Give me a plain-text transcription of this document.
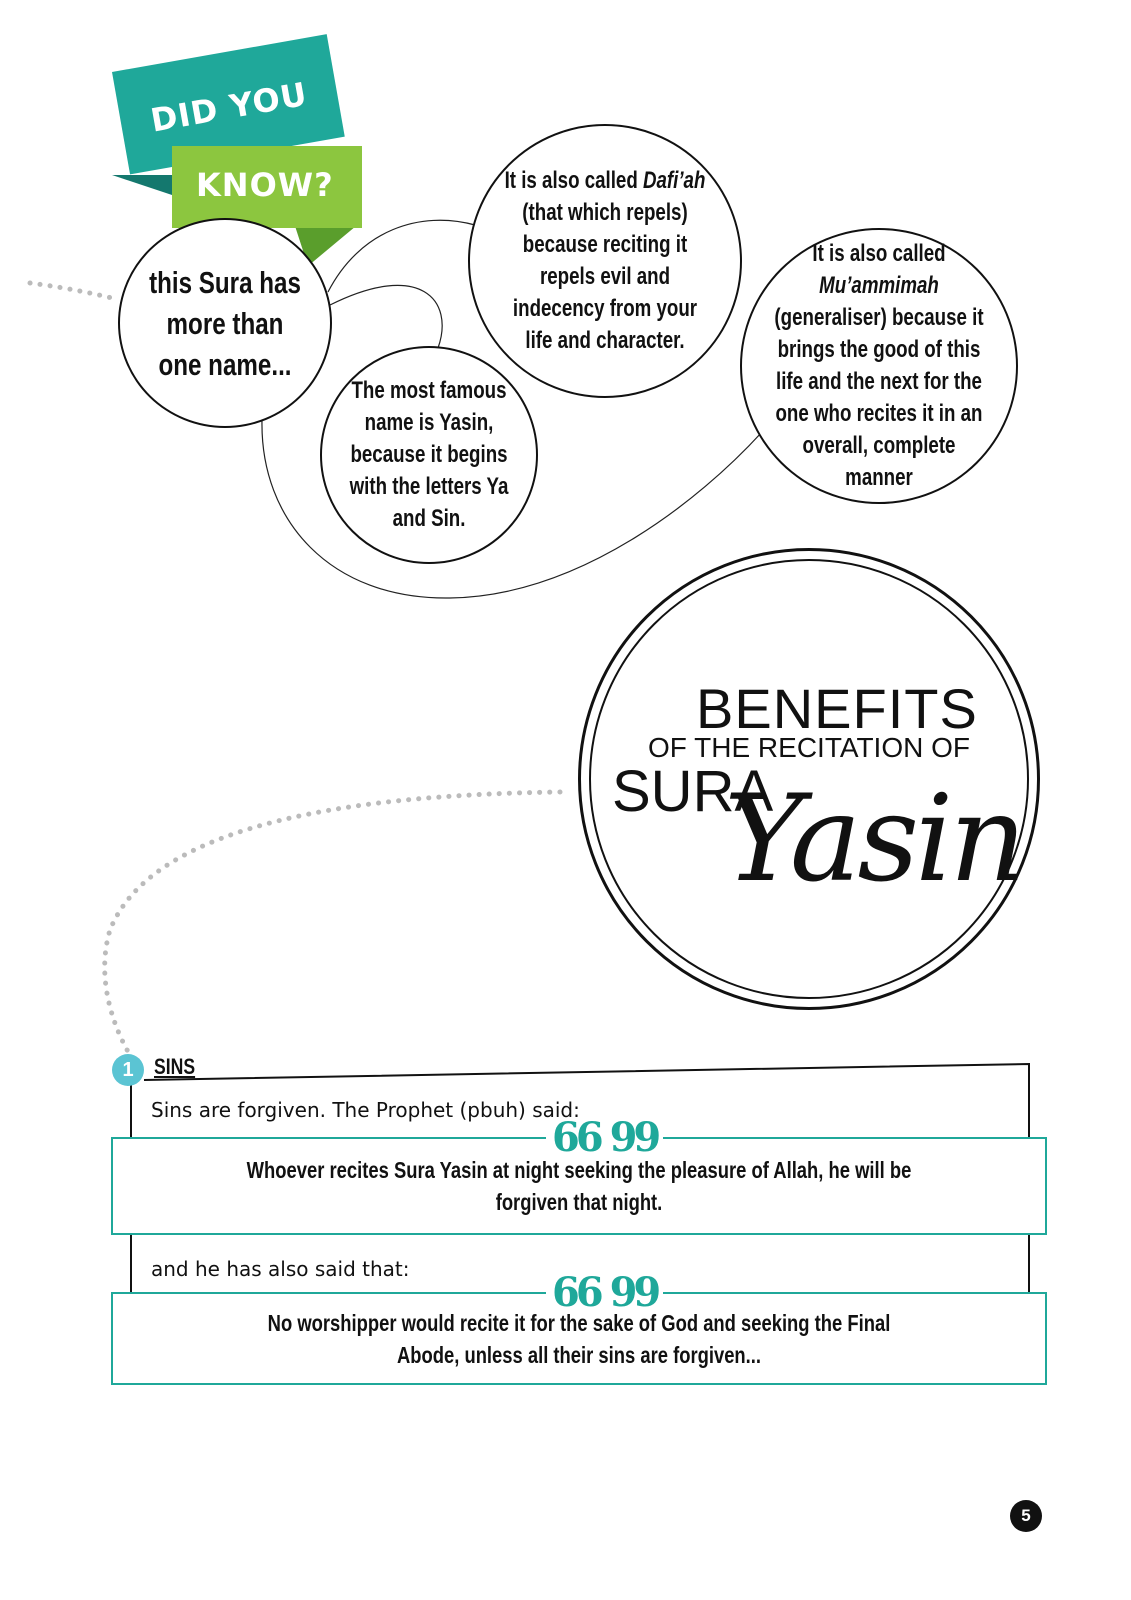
DID YOU
KNOW?
this Sura has more than one name...
The most famous name is Yasin, because it begins with the letters Ya and Sin.
It is also called Dafi’ah (that which repels) because reciting it repels evil and indecency from your life and character.
It is also called Mu’ammimah (generaliser) because it brings the good of this life and the next for the one who recites it in an overall, complete manner
BENEFITS
OF THE RECITATION OF
SURA
Yasin
1 SINS
Sins are forgiven. The Prophet (pbuh) said:
Whoever recites Sura Yasin at night seeking the pleasure of Allah, he will be forgiven that night.
66 99
and he has also said that:
No worshipper would recite it for the sake of God and seeking the Final Abode, unless all their sins are forgiven...
66 99
5
